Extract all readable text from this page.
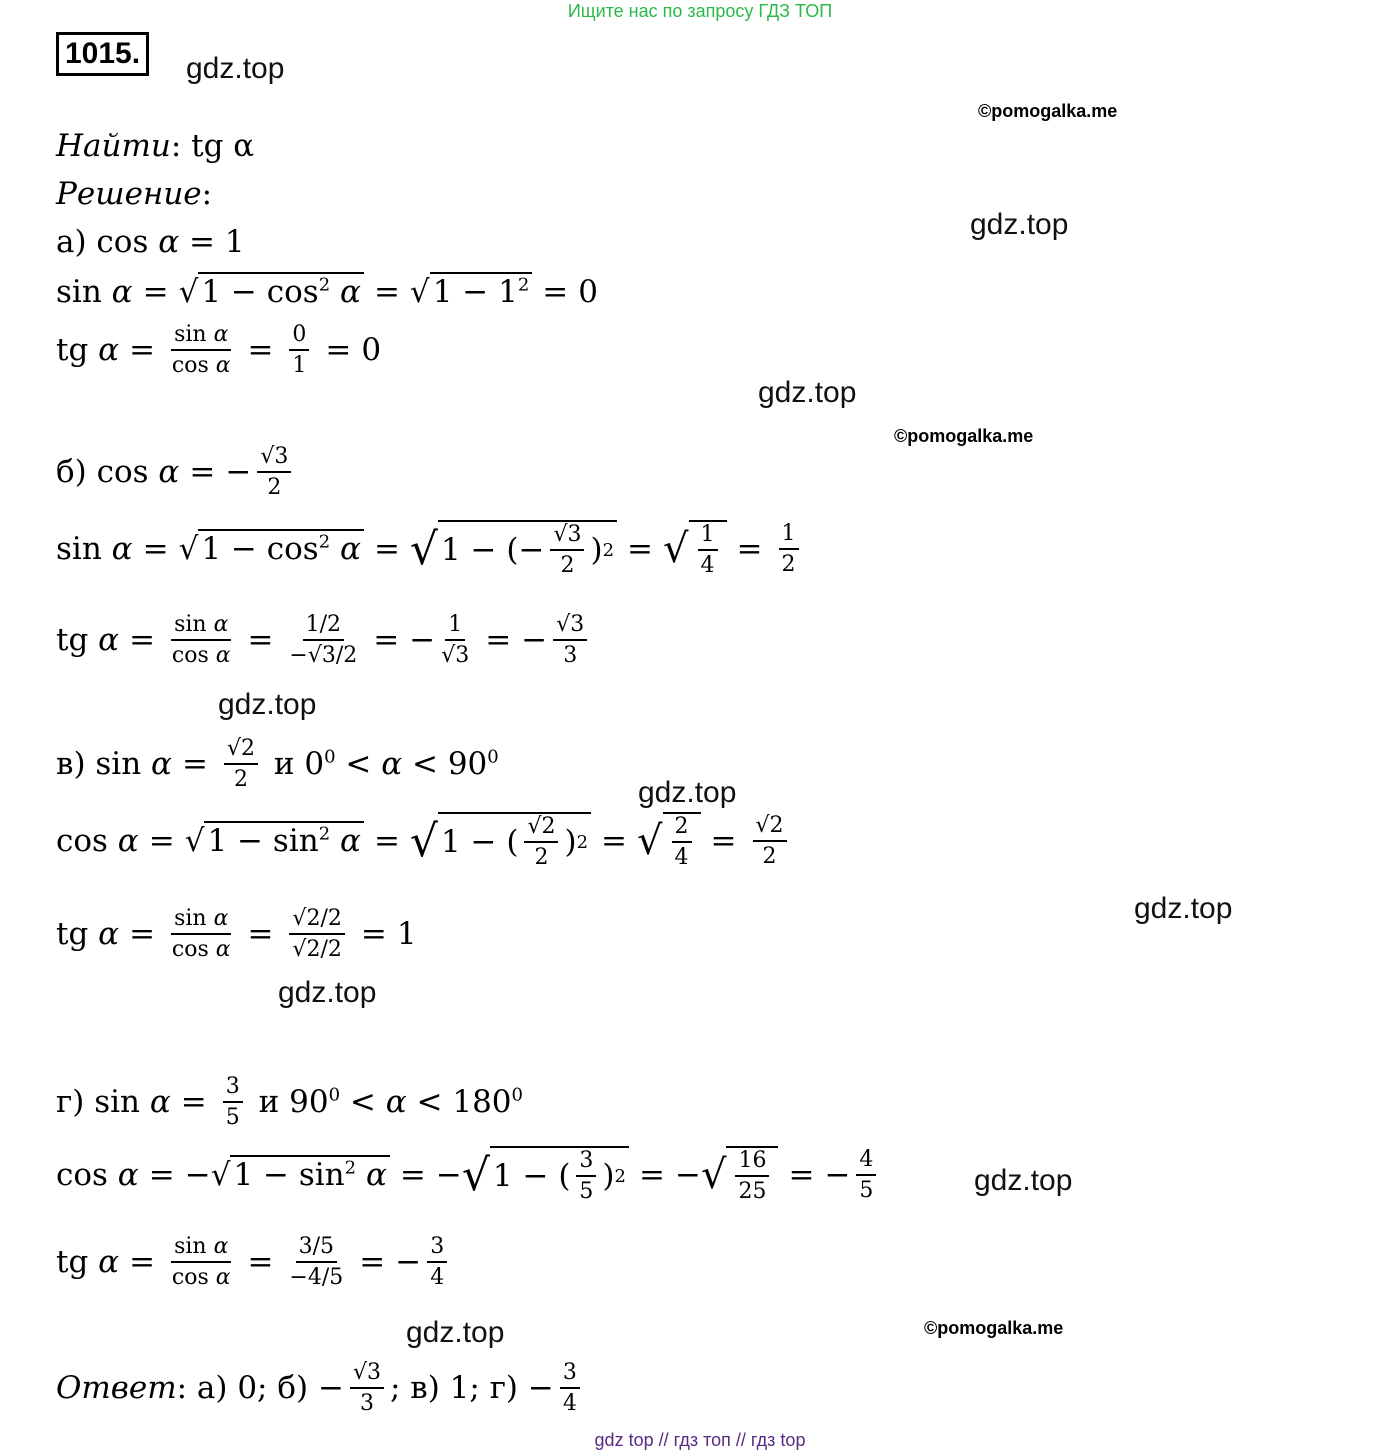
Ищите нас по запросу ГДЗ ТОП
1015.	gdz.top
©pomogalka.me
gdz.top
gdz.top
©pomogalka.me
gdz.top
gdz.top
gdz.top
gdz.top
gdz.top
©pomogalka.me
gdz.top
Найти : tg α
Решение :
а) cos α = 1
$\sin \alpha = √1 - \cos^2 \alpha = √1 - 1^2 = 0$
tg $\alpha = \frac{\text{sin α}}{\text{cos α}} = \frac{0}{1} = 0$
б) cos α = − $\frac{√3}{2}$
$\sin \alpha = √1 - \cos^2 \alpha$ = √ 1 − (− $\frac{√3}{2}$ ) 2 = √ $\frac{1}{4} = \frac{1}{2}$
tg $\alpha = \frac{\text{sin α}}{\text{cos α}} = \frac{1/2}{-√3/2}$ = − $\frac{1}{√3}$ = − $\frac{√3}{3}$
в) $\sin \alpha = \frac{√2}{2}$ и $0^0 < \alpha < 90^0$
$\cos \alpha = √1 - \sin^2 \alpha$ = √ 1 − ( $\frac{√2}{2}$ ) 2 = √ $\frac{2}{4} = \frac{√2}{2}$
tg $\alpha = \frac{\text{sin α}}{\text{cos α}} = \frac{√2/2}{√2/2} = 1$
г) $\sin \alpha = \frac{3}{5}$ и $90^0 < \alpha < 180^0$
$\cos \alpha = -√1 - \sin^2 \alpha$ = − √ 1 − ( $\frac{3}{5}$ ) 2 = − √ $\frac{16}{25}$ = − $\frac{4}{5}$
tg $\alpha = \frac{\text{sin α}}{\text{cos α}} = \frac{3/5}{-4/5}$ = − $\frac{3}{4}$
Ответ : а) 0; $б) - \frac{√3}{3}$ ; в) 1; $г) - \frac{3}{4}$
gdz top // гдз топ // гдз top
